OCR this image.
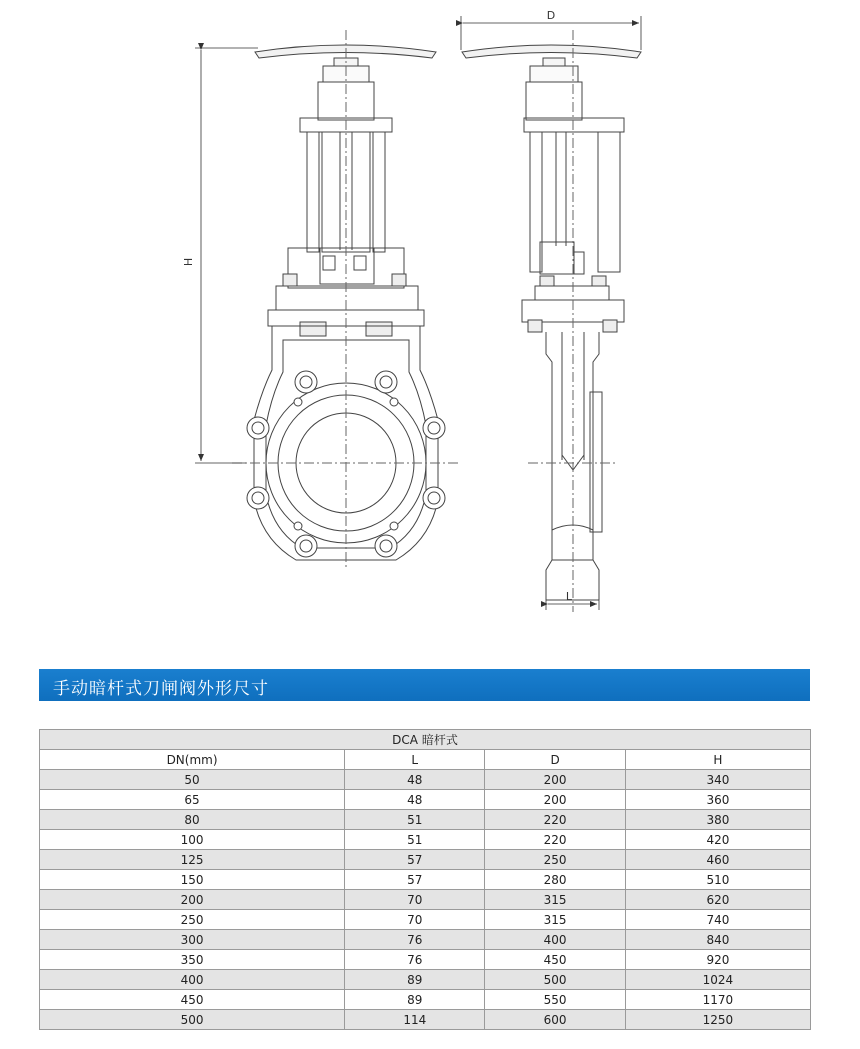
H
D
L
手动暗杆式刀闸阀外形尺寸
DCA 暗杆式			
DN(mm)	L	D	H
50	48	200	340
65	48	200	360
80	51	220	380
100	51	220	420
125	57	250	460
150	57	280	510
200	70	315	620
250	70	315	740
300	76	400	840
350	76	450	920
400	89	500	1024
450	89	550	1170
500	114	600	1250
